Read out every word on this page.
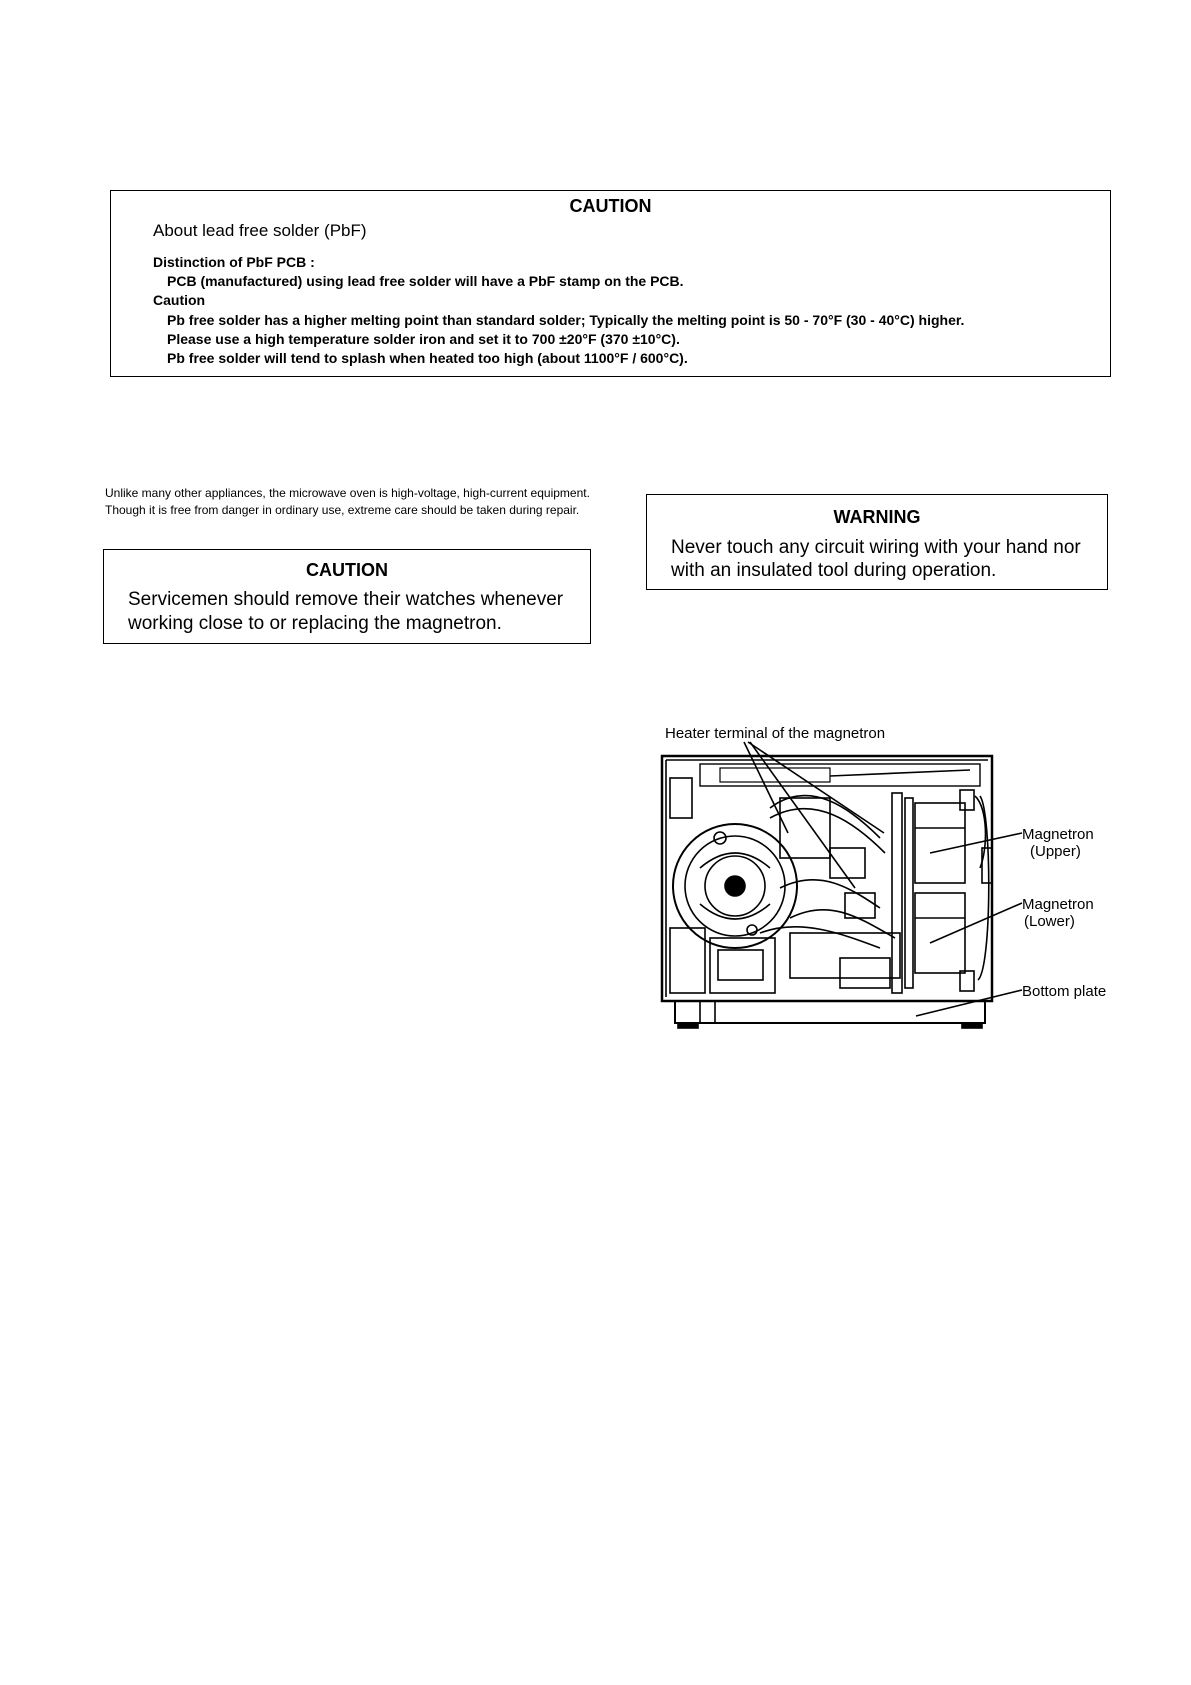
CAUTION
About lead free solder (PbF)
Distinction of PbF PCB :
PCB (manufactured) using lead free solder will have a PbF stamp on the PCB.
Caution
Pb free solder has a higher melting point than standard solder; Typically the melting point is 50 - 70°F (30 - 40°C) higher.
Please use a high temperature solder iron and set it to 700 ±20°F (370 ±10°C).
Pb free solder will tend to splash when heated too high (about 1100°F / 600°C).
Unlike many other appliances, the microwave oven is high-voltage, high-current equipment. Though it is free from danger in ordinary use, extreme care should be taken during repair.
CAUTION
Servicemen should remove their watches whenever
working close to or replacing the magnetron.
WARNING
Never touch any circuit wiring with your hand nor
with an insulated tool during operation.
Heater terminal of the magnetron
Magnetron
(Upper)
Magnetron
(Lower)
Bottom plate
